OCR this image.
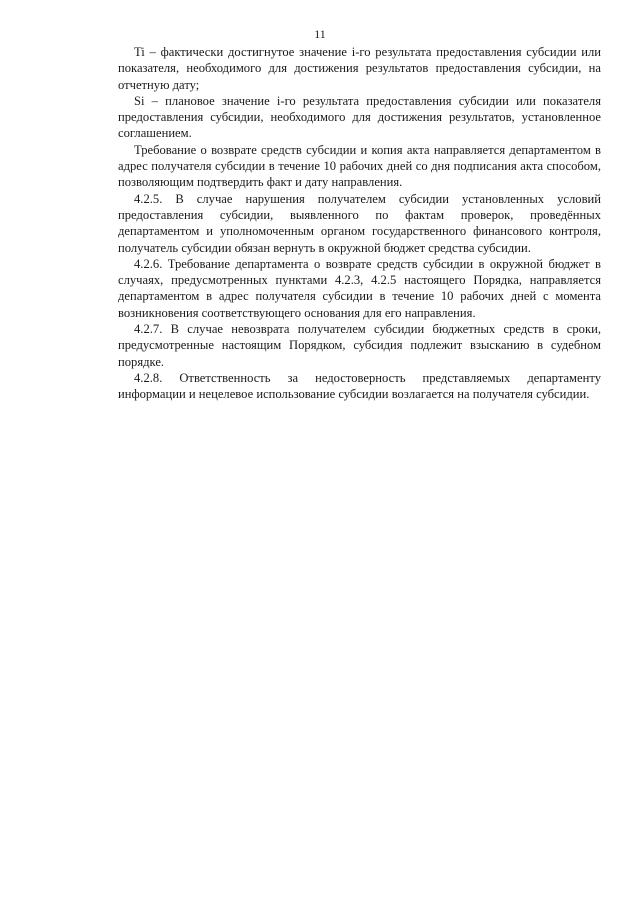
11

Ti – фактически достигнутое значение i-го результата предоставления субсидии или показателя, необходимого для достижения результатов предоставления субсидии, на отчетную дату;

Si – плановое значение i-го результата предоставления субсидии или показателя предоставления субсидии, необходимого для достижения результатов, установленное соглашением.

Требование о возврате средств субсидии и копия акта направляется департаментом в адрес получателя субсидии в течение 10 рабочих дней со дня подписания акта способом, позволяющим подтвердить факт и дату направления.

4.2.5. В случае нарушения получателем субсидии установленных условий предоставления субсидии, выявленного по фактам проверок, проведённых департаментом и уполномоченным органом государственного финансового контроля, получатель субсидии обязан вернуть в окружной бюджет средства субсидии.

4.2.6. Требование департамента о возврате средств субсидии в окружной бюджет в случаях, предусмотренных пунктами 4.2.3, 4.2.5 настоящего Порядка, направляется департаментом в адрес получателя субсидии в течение 10 рабочих дней с момента возникновения соответствующего основания для его направления.

4.2.7. В случае невозврата получателем субсидии бюджетных средств в сроки, предусмотренные настоящим Порядком, субсидия подлежит взысканию в судебном порядке.

4.2.8. Ответственность за недостоверность представляемых департаменту информации и нецелевое использование субсидии возлагается на получателя субсидии.
